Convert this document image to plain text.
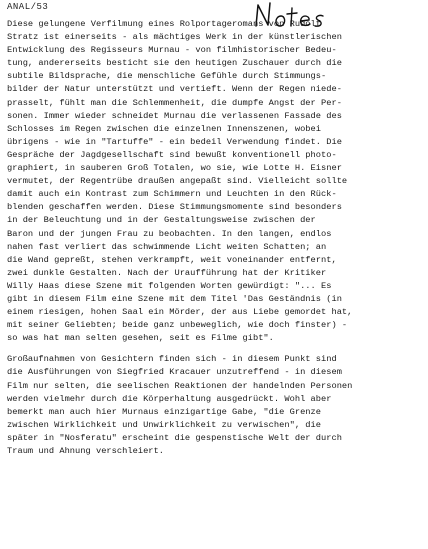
ANAL/53
Diese gelungene Verfilmung eines Rolportageromans von Rudolf
Stratz ist einerseits - als mächtiges Werk in der künstlerischen
Entwicklung des Regisseurs Murnau - von filmhistorischer Bedeu-
tung, andererseits besticht sie den heutigen Zuschauer durch die
subtile Bildsprache, die menschliche Gefühle durch Stimmungs-
bilder der Natur unterstützt und vertieft. Wenn der Regen niede-
prasselt, fühlt man die Schlemmenheit, die dumpfe Angst der Per-
sonen. Immer wieder schneidet Murnau die verlassenen Fassade des
Schlosses im Regen zwischen die einzelnen Innenszenen, wobei
übrigens - wie in "Tartuffe" - ein bedeil Verwendung findet. Die
Gespräche der Jagdgesellschaft sind bewußt konventionell photo-
graphiert, in sauberen Groß Totalen, wo sie, wie Lotte H. Eisner
vermutet, der Regentrübe draußen angepaßt sind. Vielleicht sollte
damit auch ein Kontrast zum Schimmern und Leuchten in den Rück-
blenden geschaffen werden. Diese Stimmungsmomente sind besonders
in der Beleuchtung und in der Gestaltungsweise zwischen der
Baron und der jungen Frau zu beobachten. In den langen, endlos
nahen fast verliert das schwimmende Licht weiten Schatten; an
die Wand gepreßt, stehen verkrampft, weit voneinander entfernt,
zwei dunkle Gestalten. Nach der Uraufführung hat der Kritiker
Willy Haas diese Szene mit folgenden Worten gewürdigt: "... Es
gibt in diesem Film eine Szene mit dem Titel 'Das Geständnis (in
einem riesigen, hohen Saal ein Mörder, der aus Liebe gemordet hat,
mit seiner Geliebten; beide ganz unbeweglich, wie doch finster) -
so was hat man selten gesehen, seit es Filme gibt".
Großaufnahmen von Gesichtern finden sich - in diesem Punkt sind
die Ausführungen von Siegfried Kracauer unzutreffend - in diesem
Film nur selten, die seelischen Reaktionen der handelnden Personen
werden vielmehr durch die Körperhaltung ausgedrückt. Wohl aber
bemerkt man auch hier Murnaus einzigartige Gabe, "die Grenze
zwischen Wirklichkeit und Unwirklichkeit zu verwischen", die
später in "Nosferatu" erscheint die gespenstische Welt der durch
Traum und Ahnung verschleiert.
